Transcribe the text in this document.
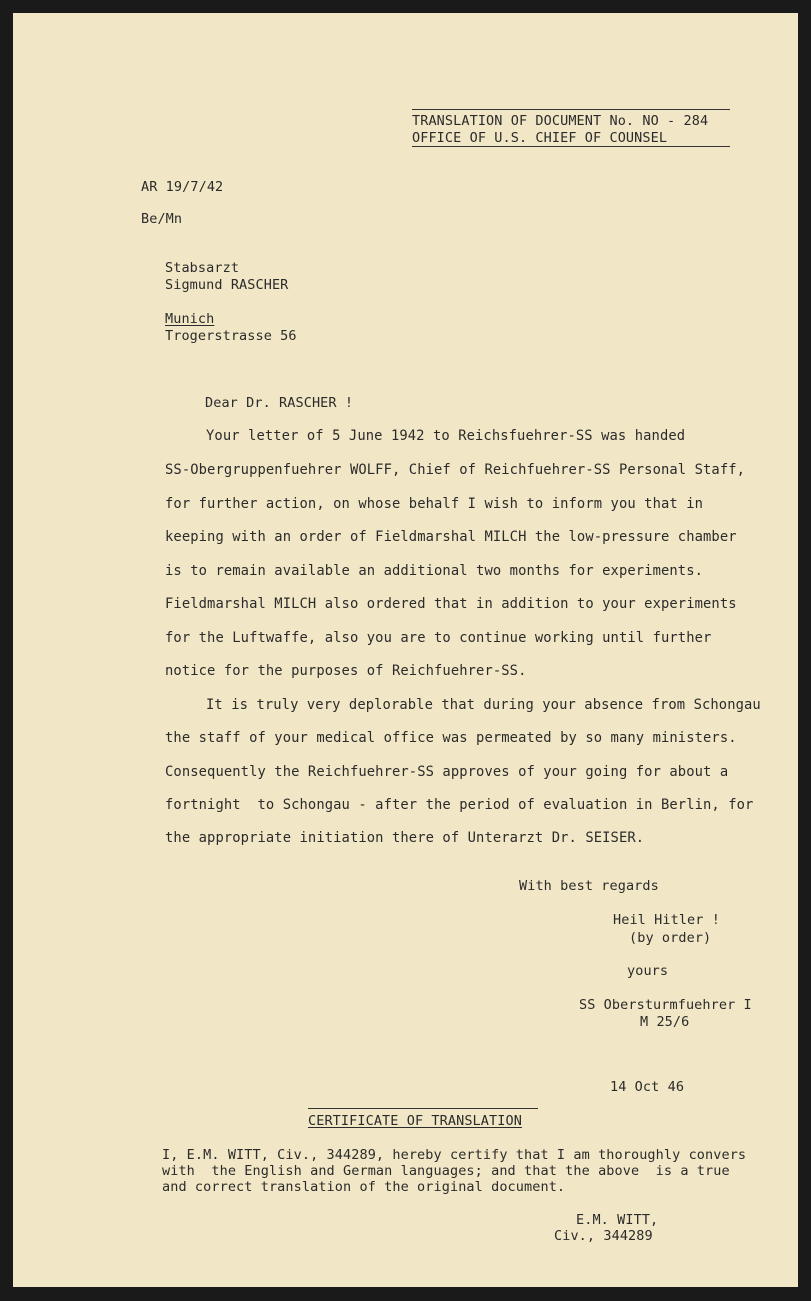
TRANSLATION OF DOCUMENT No. NO - 284
OFFICE OF U.S. CHIEF OF COUNSEL
AR 19/7/42
Be/Mn
Stabsarzt
Sigmund RASCHER
Munich
Trogerstrasse 56
Dear Dr. RASCHER !
Your letter of 5 June 1942 to Reichsfuehrer-SS was handed
SS-Obergruppenfuehrer WOLFF, Chief of Reichfuehrer-SS Personal Staff,
for further action, on whose behalf I wish to inform you that in
keeping with an order of Fieldmarshal MILCH the low-pressure chamber
is to remain available an additional two months for experiments.
Fieldmarshal MILCH also ordered that in addition to your experiments
for the Luftwaffe, also you are to continue working until further
notice for the purposes of Reichfuehrer-SS.
It is truly very deplorable that during your absence from Schongau
the staff of your medical office was permeated by so many ministers.
Consequently the Reichfuehrer-SS approves of your going for about a
fortnight  to Schongau - after the period of evaluation in Berlin, for
the appropriate initiation there of Unterarzt Dr. SEISER.
With best regards
Heil Hitler !
(by order)
yours
SS Obersturmfuehrer I
M 25/6
14 Oct 46
CERTIFICATE OF TRANSLATION
I, E.M. WITT, Civ., 344289, hereby certify that I am thoroughly convers
with  the English and German languages; and that the above  is a true
and correct translation of the original document.
E.M. WITT,
Civ., 344289
